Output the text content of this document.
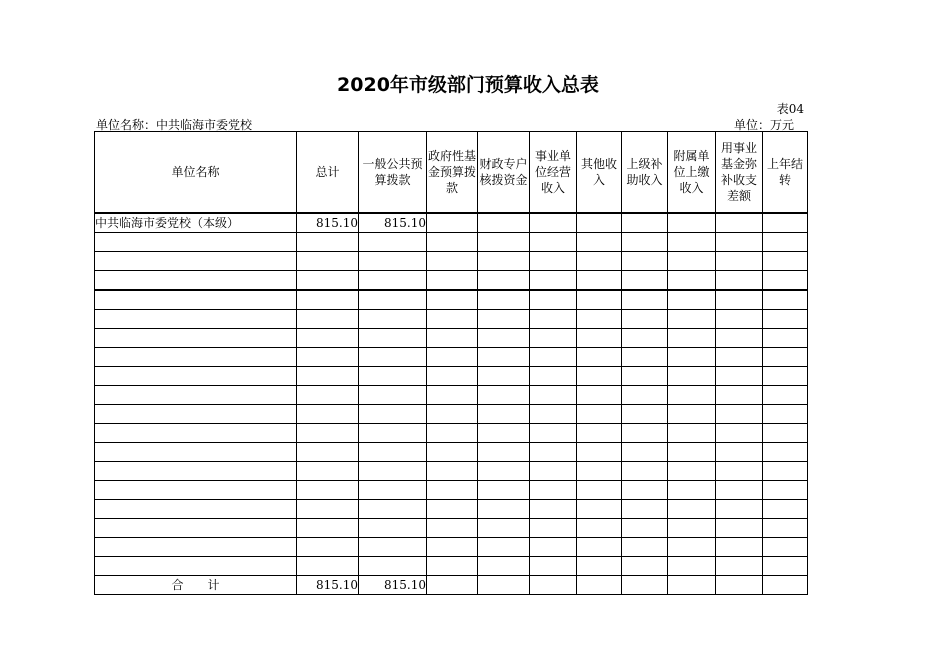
2020年市级部门预算收入总表
表04
单位名称：中共临海市委党校	单位：万元
单位名称	总计	一般公共预算拨款	政府性基金预算拨款	财政专户核拨资金	事业单位经营收入	其他收入	上级补助收入	附属单位上缴收入	用事业基金弥补收支差额	上年结转
中共临海市委党校（本级）	815.10	815.10								

合　　计	815.10	815.10								
